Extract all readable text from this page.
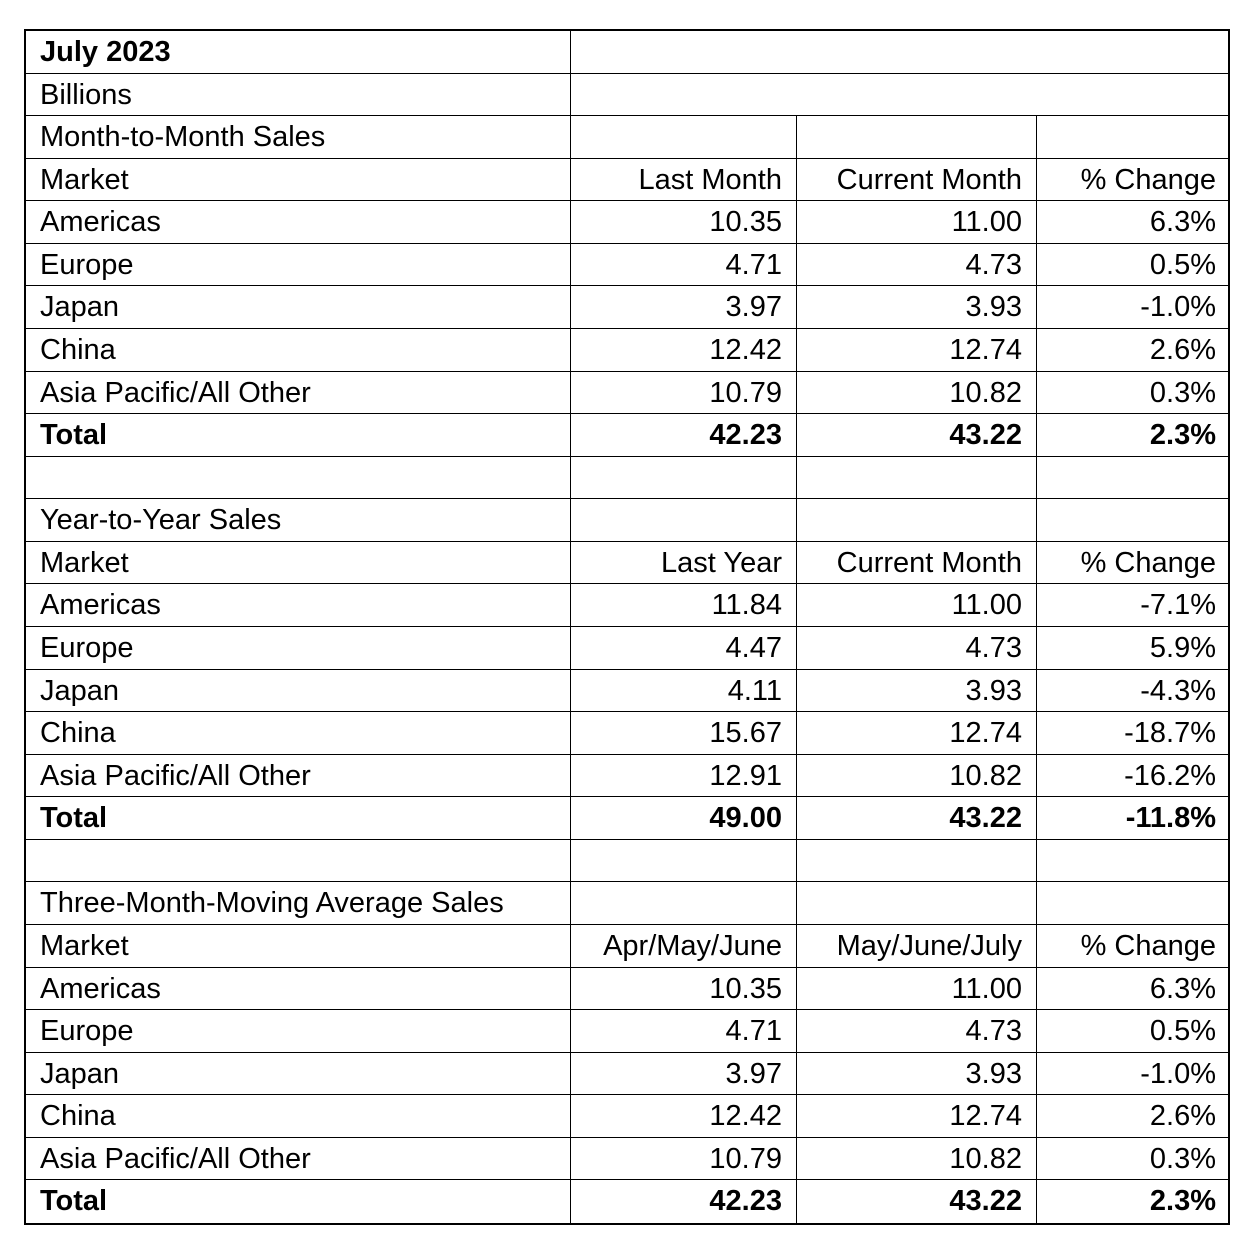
July 2023
Billions
Month-to-Month Sales
Market	Last Month	Current Month	% Change
Americas	10.35	11.00	6.3%
Europe	4.71	4.73	0.5%
Japan	3.97	3.93	-1.0%
China	12.42	12.74	2.6%
Asia Pacific/All Other	10.79	10.82	0.3%
Total	42.23	43.22	2.3%
Year-to-Year Sales
Market	Last Year	Current Month	% Change
Americas	11.84	11.00	-7.1%
Europe	4.47	4.73	5.9%
Japan	4.11	3.93	-4.3%
China	15.67	12.74	-18.7%
Asia Pacific/All Other	12.91	10.82	-16.2%
Total	49.00	43.22	-11.8%
Three-Month-Moving Average Sales
Market	Apr/May/June	May/June/July	% Change
Americas	10.35	11.00	6.3%
Europe	4.71	4.73	0.5%
Japan	3.97	3.93	-1.0%
China	12.42	12.74	2.6%
Asia Pacific/All Other	10.79	10.82	0.3%
Total	42.23	43.22	2.3%
